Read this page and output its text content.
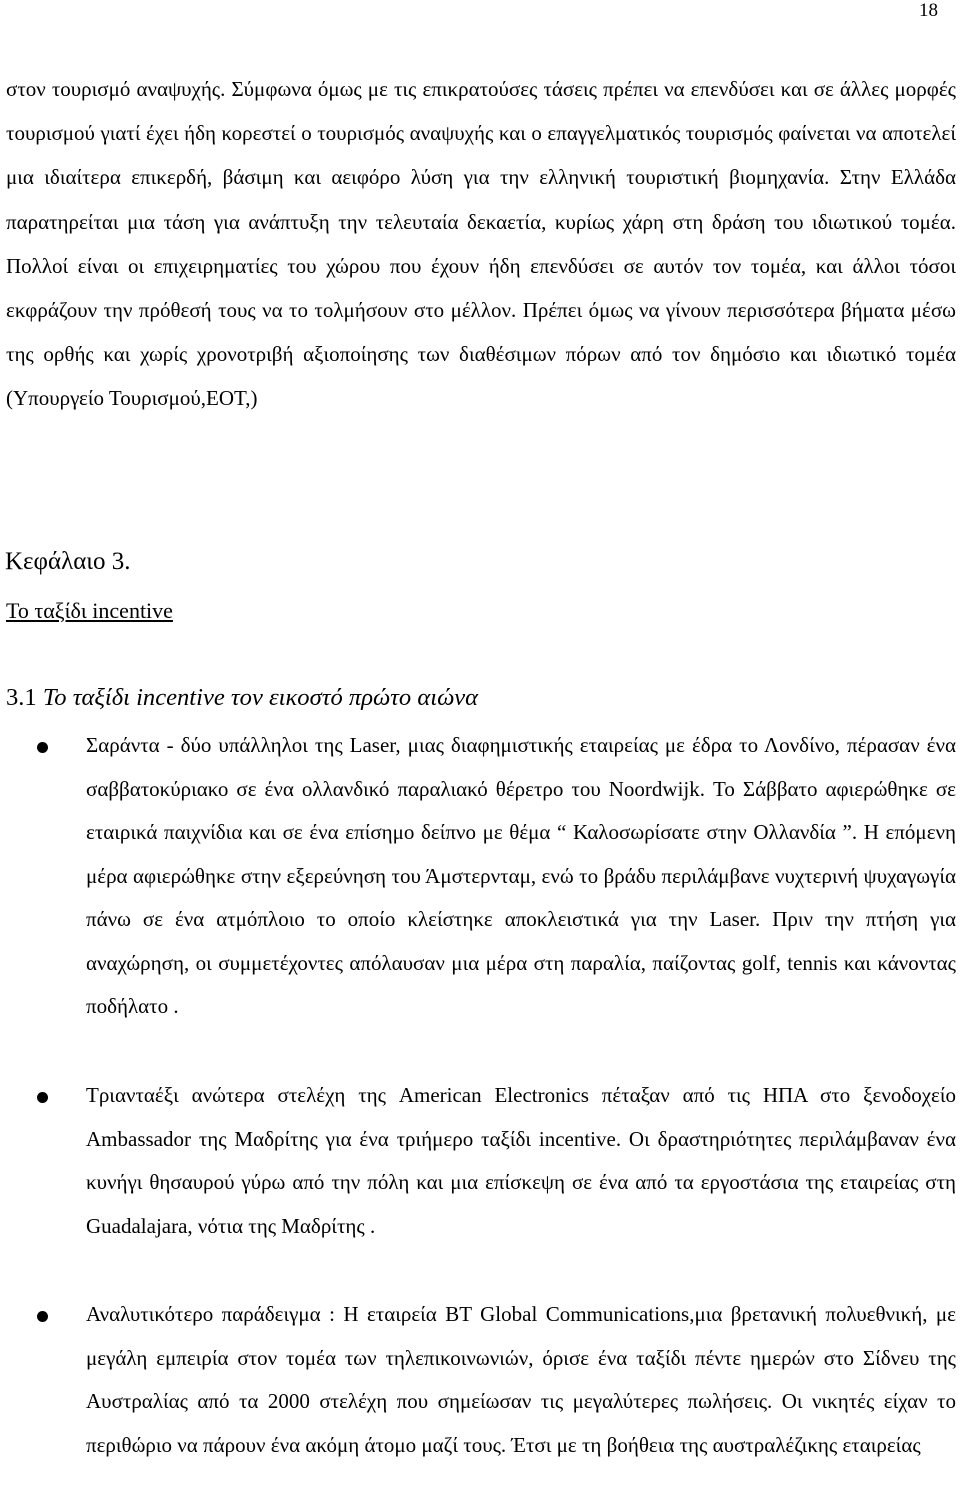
18

στον τουρισμό αναψυχής. Σύμφωνα όμως με τις επικρατούσες τάσεις πρέπει να επενδύσει και σε άλλες μορφές τουρισμού γιατί έχει ήδη κορεστεί ο τουρισμός αναψυχής και ο επαγγελματικός τουρισμός φαίνεται να αποτελεί μια ιδιαίτερα επικερδή, βάσιμη και αειφόρο λύση για την ελληνική τουριστική βιομηχανία. Στην Ελλάδα παρατηρείται μια τάση για ανάπτυξη την τελευταία δεκαετία, κυρίως χάρη στη δράση του ιδιωτικού τομέα. Πολλοί είναι οι επιχειρηματίες του χώρου που έχουν ήδη επενδύσει σε αυτόν τον τομέα, και άλλοι τόσοι εκφράζουν την πρόθεσή τους να το τολμήσουν στο μέλλον. Πρέπει όμως να γίνουν περισσότερα βήματα μέσω της ορθής και χωρίς χρονοτριβή αξιοποίησης των διαθέσιμων πόρων από τον δημόσιο και ιδιωτικό τομέα (Υπουργείο Τουρισμού,ΕΟΤ,)

Κεφάλαιο 3.
Το ταξίδι incentive
3.1 Το ταξίδι incentive τον εικοστό πρώτο αιώνα

Σαράντα - δύο υπάλληλοι της Laser, μιας διαφημιστικής εταιρείας με έδρα το Λονδίνο, πέρασαν ένα σαββατοκύριακο σε ένα ολλανδικό παραλιακό θέρετρο του Noordwijk. Το Σάββατο αφιερώθηκε σε εταιρικά παιχνίδια και σε ένα επίσημο δείπνο με θέμα “ Καλοσωρίσατε στην Ολλανδία ”. Η επόμενη μέρα αφιερώθηκε στην εξερεύνηση του Άμστερνταμ, ενώ το βράδυ περιλάμβανε νυχτερινή ψυχαγωγία πάνω σε ένα ατμόπλοιο το οποίο κλείστηκε αποκλειστικά για την Laser. Πριν την πτήση για αναχώρηση, οι συμμετέχοντες απόλαυσαν μια μέρα στη παραλία, παίζοντας golf, tennis και κάνοντας ποδήλατο .

Τριανταέξι ανώτερα στελέχη της American Electronics πέταξαν από τις ΗΠΑ στο ξενοδοχείο Ambassador της Μαδρίτης για ένα τριήμερο ταξίδι incentive. Οι δραστηριότητες περιλάμβαναν ένα κυνήγι θησαυρού γύρω από την πόλη και μια επίσκεψη σε ένα από τα εργοστάσια της εταιρείας στη Guadalajara, νότια της Μαδρίτης .

Αναλυτικότερο παράδειγμα : Η εταιρεία BT Global Communications,μια βρετανική πολυεθνική, με μεγάλη εμπειρία στον τομέα των τηλεπικοινωνιών, όρισε ένα ταξίδι πέντε ημερών στο Σίδνευ της Αυστραλίας από τα 2000 στελέχη που σημείωσαν τις μεγαλύτερες πωλήσεις. Οι νικητές είχαν το περιθώριο να πάρουν ένα ακόμη άτομο μαζί τους. Έτσι με τη βοήθεια της αυστραλέζικης εταιρείας
